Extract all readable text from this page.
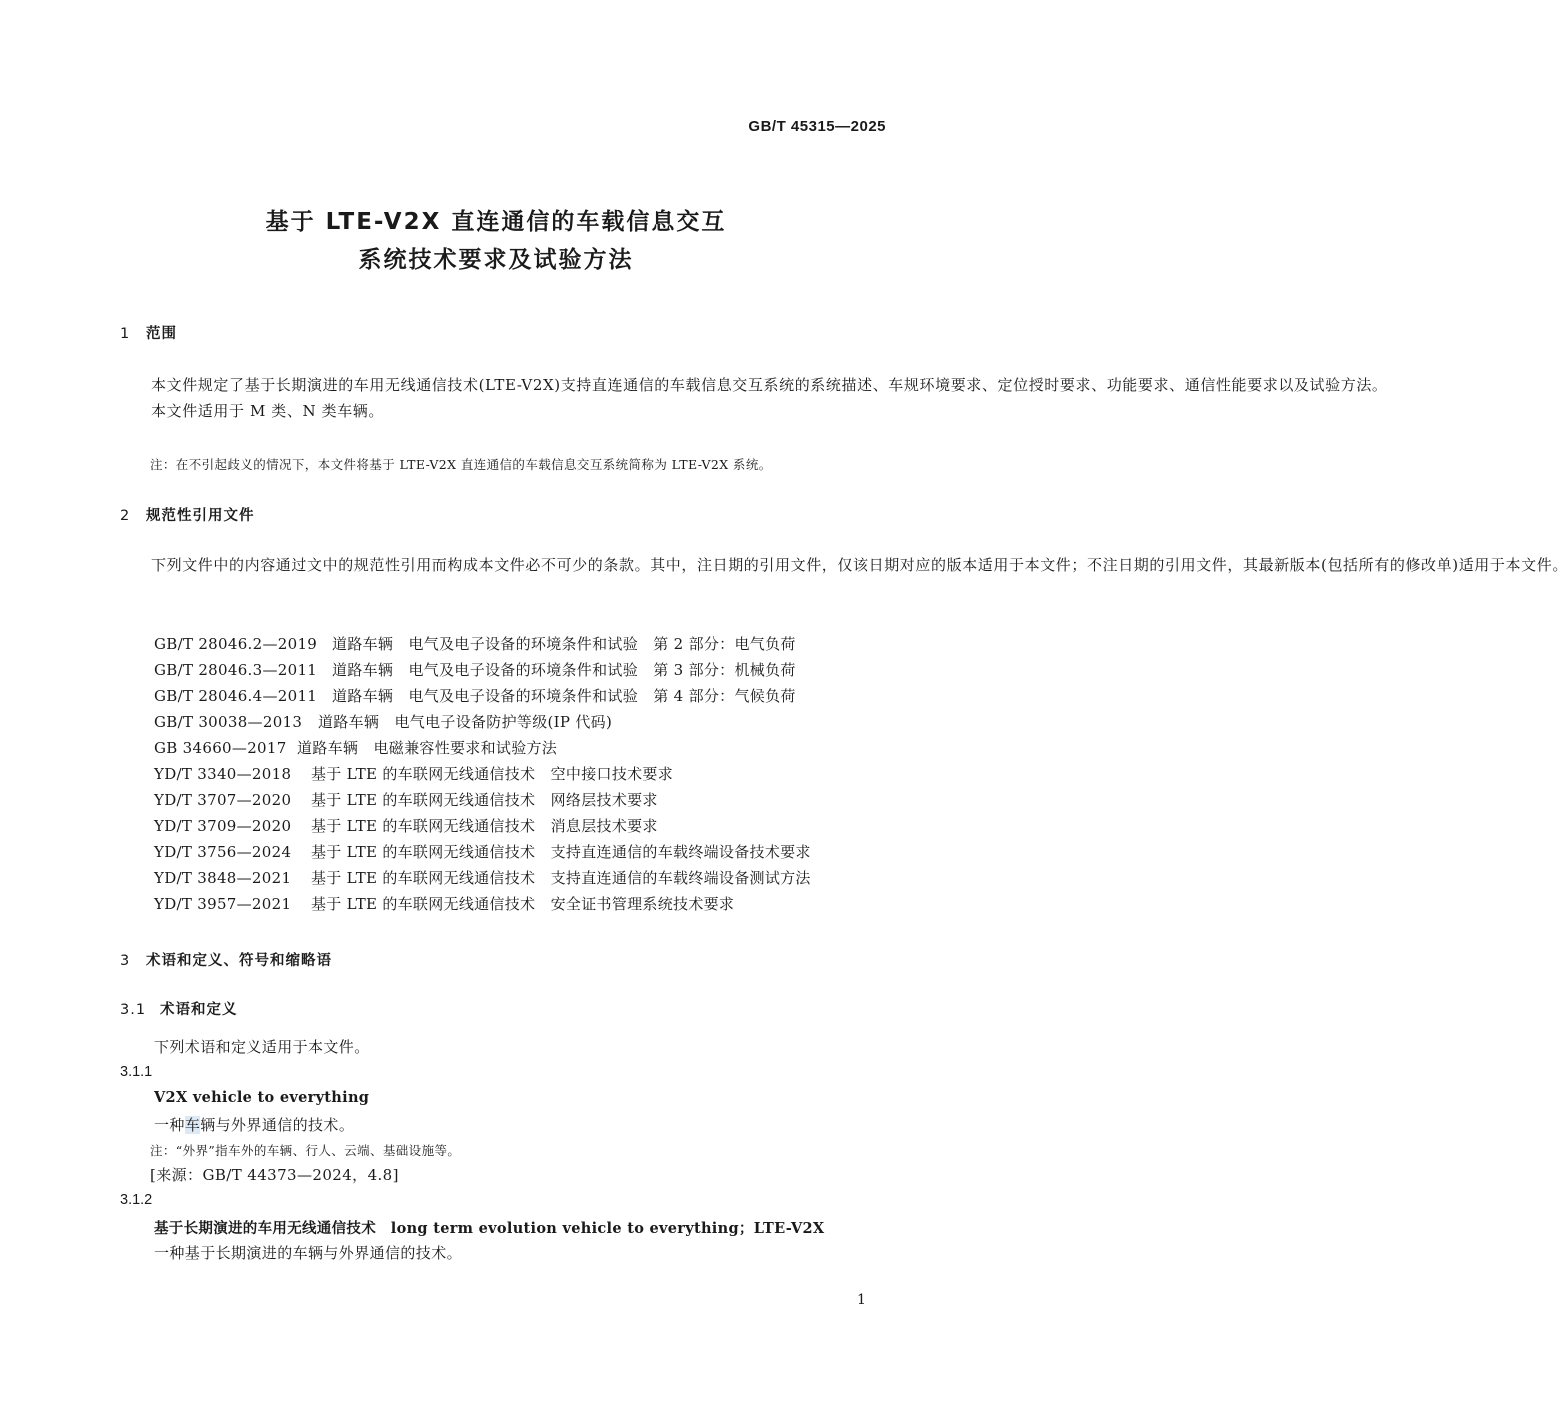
GB/T 45315—2025
基于 LTE-V2X 直连通信的车载信息交互
系统技术要求及试验方法
1 范围

本文件规定了基于长期演进的车用无线通信技术(LTE-V2X)支持直连通信的车载信息交互系统的系统描述、车规环境要求、定位授时要求、功能要求、通信性能要求以及试验方法。

本文件适用于 M 类、N 类车辆。

注：在不引起歧义的情况下，本文件将基于 LTE-V2X 直连通信的车载信息交互系统简称为 LTE-V2X 系统。
2 规范性引用文件

下列文件中的内容通过文中的规范性引用而构成本文件必不可少的条款。其中，注日期的引用文件，仅该日期对应的版本适用于本文件；不注日期的引用文件，其最新版本(包括所有的修改单)适用于本文件。

GB/T 28046.2—2019 道路车辆　电气及电子设备的环境条件和试验　第 2 部分：电气负荷
GB/T 28046.3—2011 道路车辆　电气及电子设备的环境条件和试验　第 3 部分：机械负荷
GB/T 28046.4—2011 道路车辆　电气及电子设备的环境条件和试验　第 4 部分：气候负荷
GB/T 30038—2013 道路车辆　电气电子设备防护等级(IP 代码)
GB 34660—2017 道路车辆　电磁兼容性要求和试验方法
YD/T 3340—2018 基于 LTE 的车联网无线通信技术　空中接口技术要求
YD/T 3707—2020 基于 LTE 的车联网无线通信技术　网络层技术要求
YD/T 3709—2020 基于 LTE 的车联网无线通信技术　消息层技术要求
YD/T 3756—2024 基于 LTE 的车联网无线通信技术　支持直连通信的车载终端设备技术要求
YD/T 3848—2021 基于 LTE 的车联网无线通信技术　支持直连通信的车载终端设备测试方法
YD/T 3957—2021 基于 LTE 的车联网无线通信技术　安全证书管理系统技术要求
3 术语和定义、符号和缩略语
3.1 术语和定义
下列术语和定义适用于本文件。
3.1.1
V2X vehicle to everything
一种车辆与外界通信的技术。
注：“外界”指车外的车辆、行人、云端、基础设施等。
[来源：GB/T 44373—2024，4.8]
3.1.2
基于长期演进的车用无线通信技术　long term evolution vehicle to everything；LTE-V2X
一种基于长期演进的车辆与外界通信的技术。
1
